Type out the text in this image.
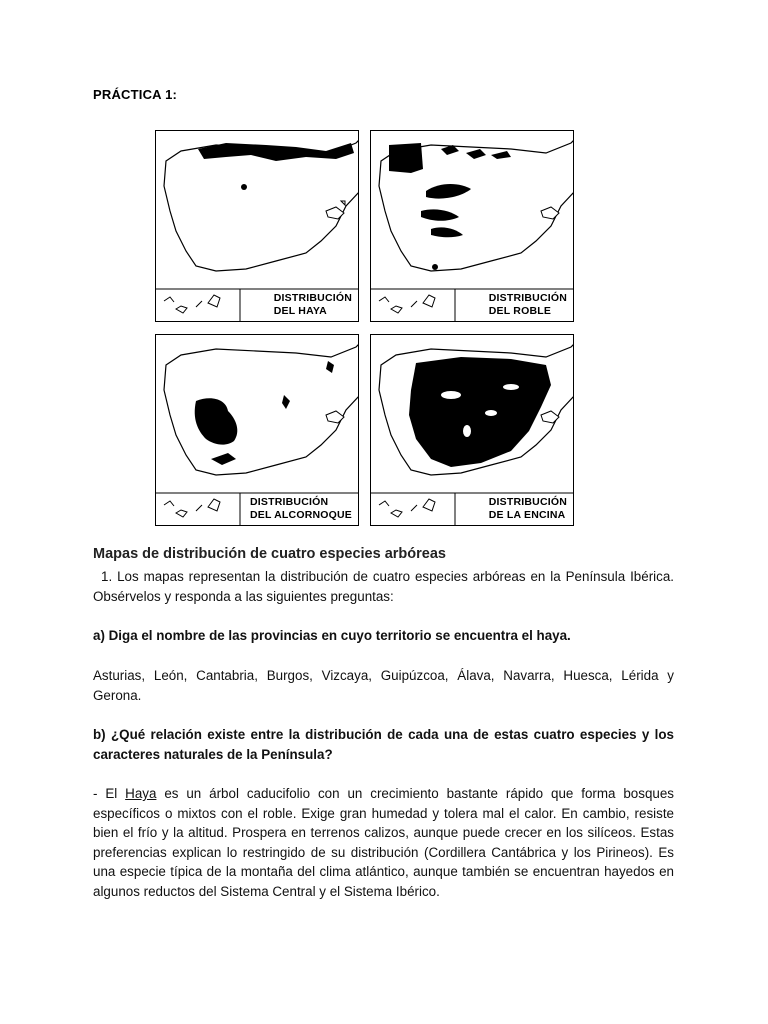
PRÁCTICA 1:
DISTRIBUCIÓN
DEL HAYA
DISTRIBUCIÓN
DEL ROBLE
DISTRIBUCIÓN
DEL ALCORNOQUE
DISTRIBUCIÓN
DE LA ENCINA
Mapas de distribución de cuatro especies arbóreas
1. Los mapas representan la distribución de cuatro especies arbóreas en la Península Ibérica. Obsérvelos y responda a las siguientes preguntas:
a) Diga el nombre de las provincias en cuyo territorio se encuentra el haya.
Asturias, León, Cantabria, Burgos, Vizcaya, Guipúzcoa, Álava, Navarra, Huesca, Lérida y Gerona.
b) ¿Qué relación existe entre la distribución de cada una de estas cuatro especies y los caracteres naturales de la Península?
- El Haya es un árbol caducifolio con un crecimiento bastante rápido que forma bosques específicos o mixtos con el roble. Exige gran humedad y tolera mal el calor. En cambio, resiste bien el frío y la altitud. Prospera en terrenos calizos, aunque puede crecer en los silíceos. Estas preferencias explican lo restringido de su distribución (Cordillera Cantábrica y los Pirineos). Es una especie típica de la montaña del clima atlántico, aunque también se encuentran hayedos en algunos reductos del Sistema Central y el Sistema Ibérico.
